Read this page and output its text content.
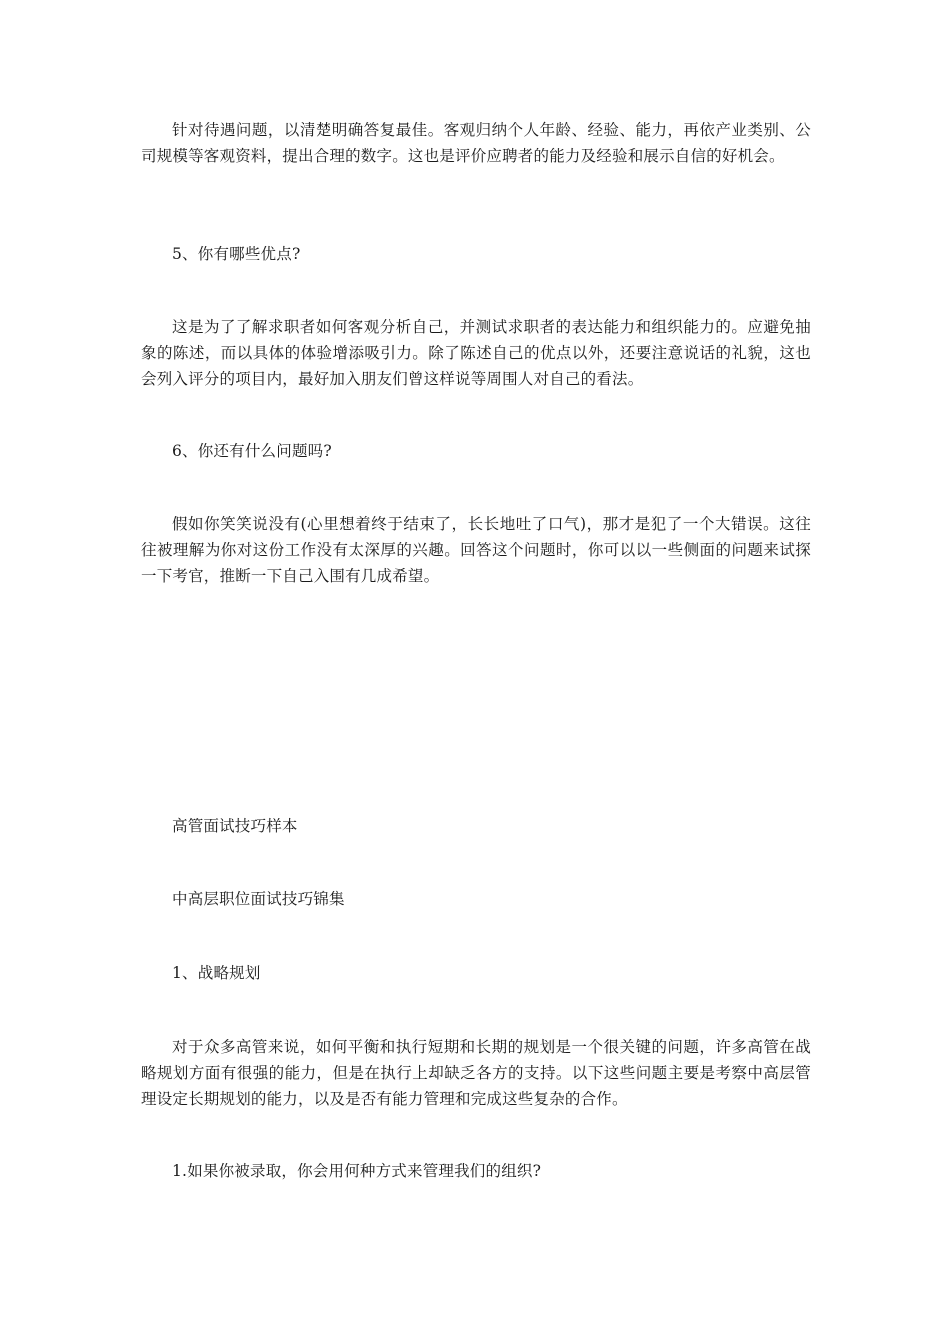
针对待遇问题，以清楚明确答复最佳。客观归纳个人年龄、经验、能力，再依产业类别、公司规模等客观资料，提出合理的数字。这也是评价应聘者的能力及经验和展示自信的好机会。

5、你有哪些优点?

这是为了了解求职者如何客观分析自己，并测试求职者的表达能力和组织能力的。应避免抽象的陈述，而以具体的体验增添吸引力。除了陈述自己的优点以外，还要注意说话的礼貌，这也会列入评分的项目内，最好加入朋友们曾这样说等周围人对自己的看法。

6、你还有什么问题吗?

假如你笑笑说没有(心里想着终于结束了，长长地吐了口气)，那才是犯了一个大错误。这往往被理解为你对这份工作没有太深厚的兴趣。回答这个问题时，你可以以一些侧面的问题来试探一下考官，推断一下自己入围有几成希望。

高管面试技巧样本

中高层职位面试技巧锦集

1、战略规划

对于众多高管来说，如何平衡和执行短期和长期的规划是一个很关键的问题，许多高管在战略规划方面有很强的能力，但是在执行上却缺乏各方的支持。以下这些问题主要是考察中高层管理设定长期规划的能力，以及是否有能力管理和完成这些复杂的合作。

1.如果你被录取，你会用何种方式来管理我们的组织?
